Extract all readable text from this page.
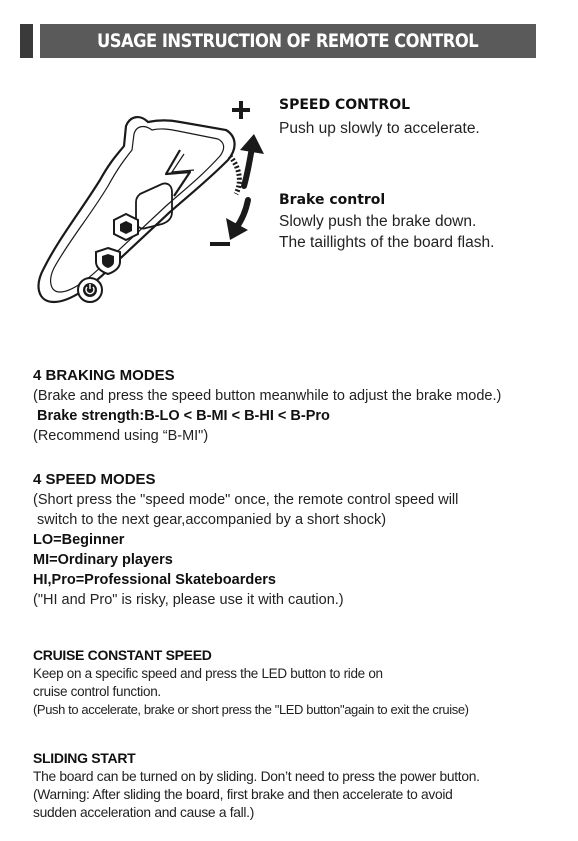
USAGE INSTRUCTION OF REMOTE CONTROL
SPEED CONTROL
Push up slowly to accelerate.
Brake control
Slowly push the brake down.
The taillights of the board flash.
4 BRAKING MODES
(Brake and press the speed button meanwhile to adjust the brake mode.)
Brake strength:B-LO < B-MI < B-HI < B-Pro
(Recommend using “B-MI")
4 SPEED MODES
(Short press the "speed mode" once, the remote control speed will
switch to the next gear,accompanied by a short shock)
LO=Beginner
MI=Ordinary players
HI,Pro=Professional Skateboarders
("HI and Pro" is risky, please use it with caution.)
CRUISE CONSTANT SPEED
Keep on a specific speed and press the LED button to ride on
cruise control function.
(Push to accelerate, brake or short press the "LED button"again to exit the cruise)
SLIDING START
The board can be turned on by sliding. Don’t need to press the power button.
(Warning: After sliding the board, first brake and then accelerate to avoid
sudden acceleration and cause a fall.)
